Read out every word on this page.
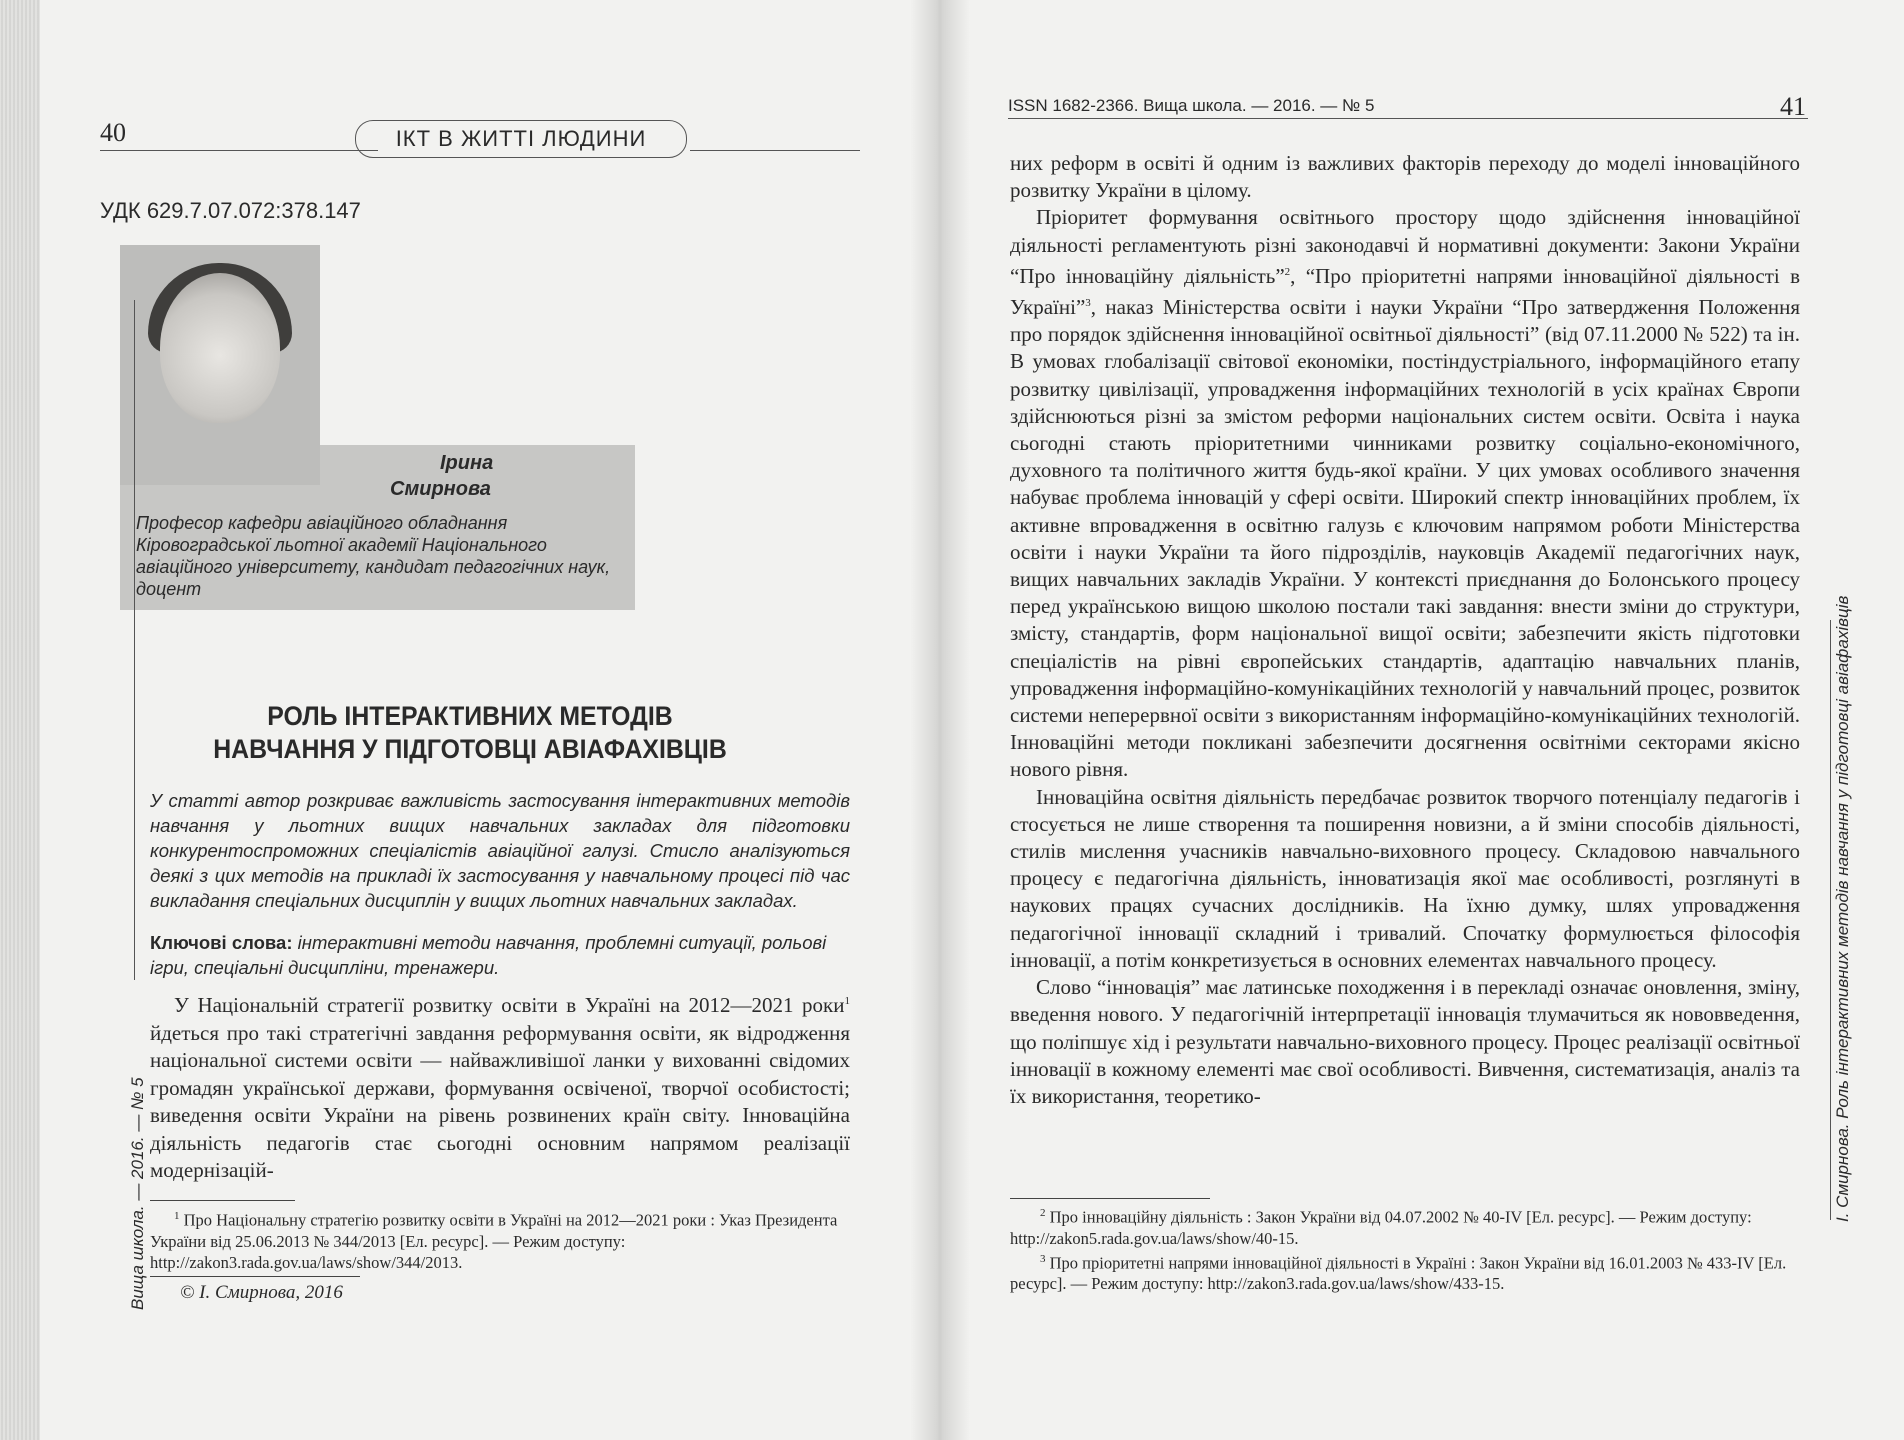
40	ІКТ В ЖИТТІ ЛЮДИНИ
УДК 629.7.07.072:378.147
Ірина
Смирнова
Професор кафедри авіаційного обладнання Кіровоградської льотної академії Національного авіаційного університету, кандидат педагогічних наук, доцент
РОЛЬ ІНТЕРАКТИВНИХ МЕТОДІВ НАВЧАННЯ У ПІДГОТОВЦІ АВІАФАХІВЦІВ
У статті автор розкриває важливість застосування інтерактивних методів навчання у льотних вищих навчальних закладах для підготовки конкурентоспроможних спеціалістів авіаційної галузі. Стисло аналізуються деякі з цих методів на прикладі їх застосування у навчальному процесі під час викладання спеціальних дисциплін у вищих льотних навчальних закладах.
Ключові слова: інтерактивні методи навчання, проблемні ситуації, рольові ігри, спеціальні дисципліни, тренажери.
У Національній стратегії розвитку освіти в Україні на 2012—2021 роки$^1$ йдеться про такі стратегічні завдання реформування освіти, як відродження національної системи освіти — найважливішої ланки у вихованні свідомих громадян української держави, формування освіченої, творчої особистості; виведення освіти України на рівень розвинених країн світу. Інноваційна діяльність педагогів стає сьогодні основним напрямом реалізації модернізацій-
$^1$ Про Національну стратегію розвитку освіти в Україні на 2012—2021 роки : Указ Президента України від 25.06.2013 № 344/2013 [Ел. ресурс]. — Режим доступу: http://zakon3.rada.gov.ua/laws/show/344/2013.
© І. Смирнова, 2016
Вища школа. — 2016. — № 5
ISSN 1682-2366. Вища школа. — 2016. — № 5	41

них реформ в освіті й одним із важливих факторів переходу до моделі інноваційного розвитку України в цілому.

Пріоритет формування освітнього простору щодо здійснення інноваційної діяльності регламентують різні законодавчі й нормативні документи: Закони України “Про інноваційну діяльність”$^2$, “Про пріоритетні напрями інноваційної діяльності в Україні”$^3$, наказ Міністерства освіти і науки України “Про затвердження Положення про порядок здійснення інноваційної освітньої діяльності” (від 07.11.2000 № 522) та ін. В умовах глобалізації світової економіки, постіндустріального, інформаційного етапу розвитку цивілізації, упровадження інформаційних технологій в усіх країнах Європи здійснюються різні за змістом реформи національних систем освіти. Освіта і наука сьогодні стають пріоритетними чинниками розвитку соціально-економічного, духовного та політичного життя будь-якої країни. У цих умовах особливого значення набуває проблема інновацій у сфері освіти. Широкий спектр інноваційних проблем, їх активне впровадження в освітню галузь є ключовим напрямом роботи Міністерства освіти і науки України та його підрозділів, науковців Академії педагогічних наук, вищих навчальних закладів України. У контексті приєднання до Болонського процесу перед українською вищою школою постали такі завдання: внести зміни до структури, змісту, стандартів, форм національної вищої освіти; забезпечити якість підготовки спеціалістів на рівні європейських стандартів, адаптацію навчальних планів, упровадження інформаційно-комунікаційних технологій у навчальний процес, розвиток системи неперервної освіти з використанням інформаційно-комунікаційних технологій. Інноваційні методи покликані забезпечити досягнення освітніми секторами якісно нового рівня.

Інноваційна освітня діяльність передбачає розвиток творчого потенціалу педагогів і стосується не лише створення та поширення новизни, а й зміни способів діяльності, стилів мислення учасників навчально-виховного процесу. Складовою навчального процесу є педагогічна діяльність, інноватизація якої має особливості, розглянуті в наукових працях сучасних дослідників. На їхню думку, шлях упровадження педагогічної інновації складний і тривалий. Спочатку формулюється філософія інновації, а потім конкретизується в основних елементах навчального процесу.

Слово “інновація” має латинське походження і в перекладі означає оновлення, зміну, введення нового. У педагогічній інтерпретації інновація тлумачиться як нововведення, що поліпшує хід і результати навчально-виховного процесу. Процес реалізації освітньої інновації в кожному елементі має свої особливості. Вивчення, систематизація, аналіз та їх використання, теоретико-

$^2$ Про інноваційну діяльність : Закон України від 04.07.2002 № 40-IV [Ел. ресурс]. — Режим доступу: http://zakon5.rada.gov.ua/laws/show/40-15.

$^3$ Про пріоритетні напрями інноваційної діяльності в Україні : Закон України від 16.01.2003 № 433-IV [Ел. ресурс]. — Режим доступу: http://zakon3.rada.gov.ua/laws/show/433-15.

І. Смирнова. Роль інтерактивних методів навчання у підготовці авіафахівців
